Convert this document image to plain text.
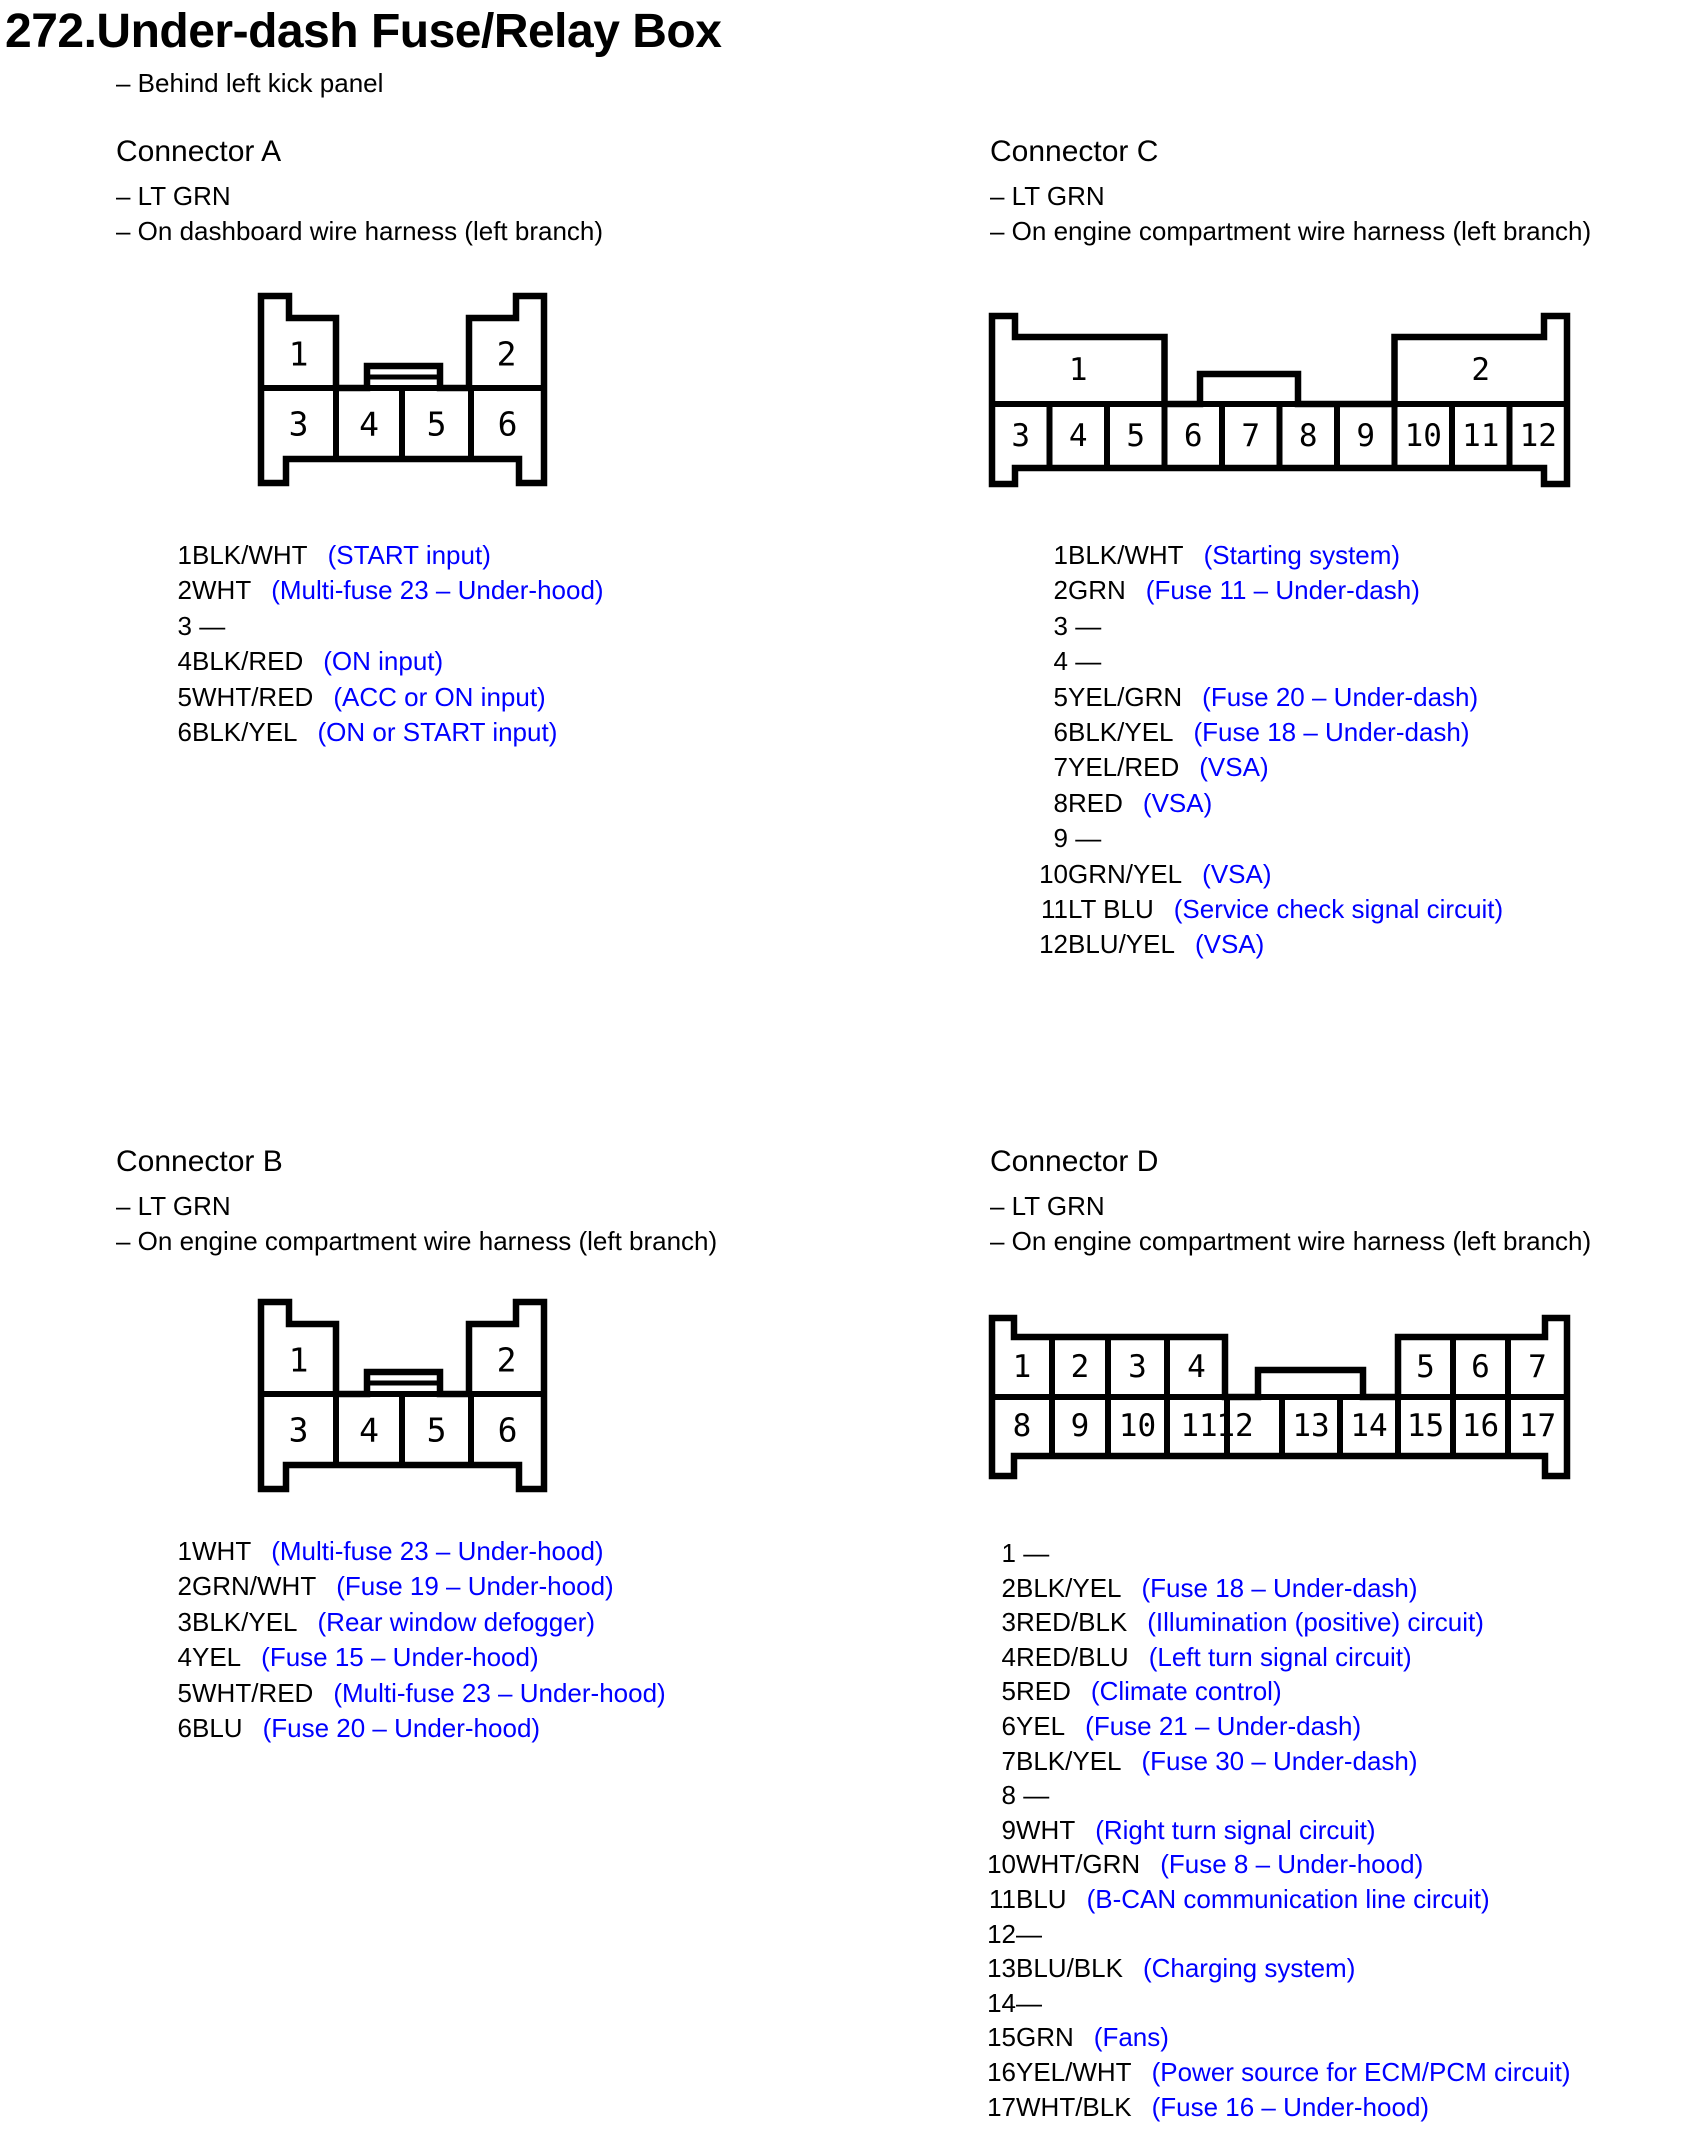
272.Under-dash Fuse/Relay Box
– Behind left kick panel
Connector A
– LT GRN
– On dashboard wire harness (left branch)
1	2
3 4 5 6
1BLK/WHT (START input)
2WHT (Multi-fuse 23 – Under-hood)
3 —
4BLK/RED (ON input)
5WHT/RED (ACC or ON input)
6BLK/YEL (ON or START input)
Connector C
– LT GRN
– On engine compartment wire harness (left branch)
1	2
3 4 5 6 7 8 9 10 11 12
1BLK/WHT (Starting system)
2GRN (Fuse 11 – Under-dash)
3 —
4 —
5YEL/GRN (Fuse 20 – Under-dash)
6BLK/YEL (Fuse 18 – Under-dash)
7YEL/RED (VSA)
8RED (VSA)
9 —
10GRN/YEL (VSA)
11LT BLU (Service check signal circuit)
12BLU/YEL (VSA)
Connector B
– LT GRN
– On engine compartment wire harness (left branch)
1	2
3 4 5 6
1WHT (Multi-fuse 23 – Under-hood)
2GRN/WHT (Fuse 19 – Under-hood)
3BLK/YEL (Rear window defogger)
4YEL (Fuse 15 – Under-hood)
5WHT/RED (Multi-fuse 23 – Under-hood)
6BLU (Fuse 20 – Under-hood)
Connector D
– LT GRN
– On engine compartment wire harness (left branch)
1 2 3 4	5 6 7
8 9 10 11
12 13 14 15 16 17
1 —
2BLK/YEL (Fuse 18 – Under-dash)
3RED/BLK (Illumination (positive) circuit)
4RED/BLU (Left turn signal circuit)
5RED (Climate control)
6YEL (Fuse 21 – Under-dash)
7BLK/YEL (Fuse 30 – Under-dash)
8 —
9WHT (Right turn signal circuit)
10WHT/GRN (Fuse 8 – Under-hood)
11BLU (B-CAN communication line circuit)
12—
13BLU/BLK (Charging system)
14—
15GRN (Fans)
16YEL/WHT (Power source for ECM/PCM circuit)
17WHT/BLK (Fuse 16 – Under-hood)
